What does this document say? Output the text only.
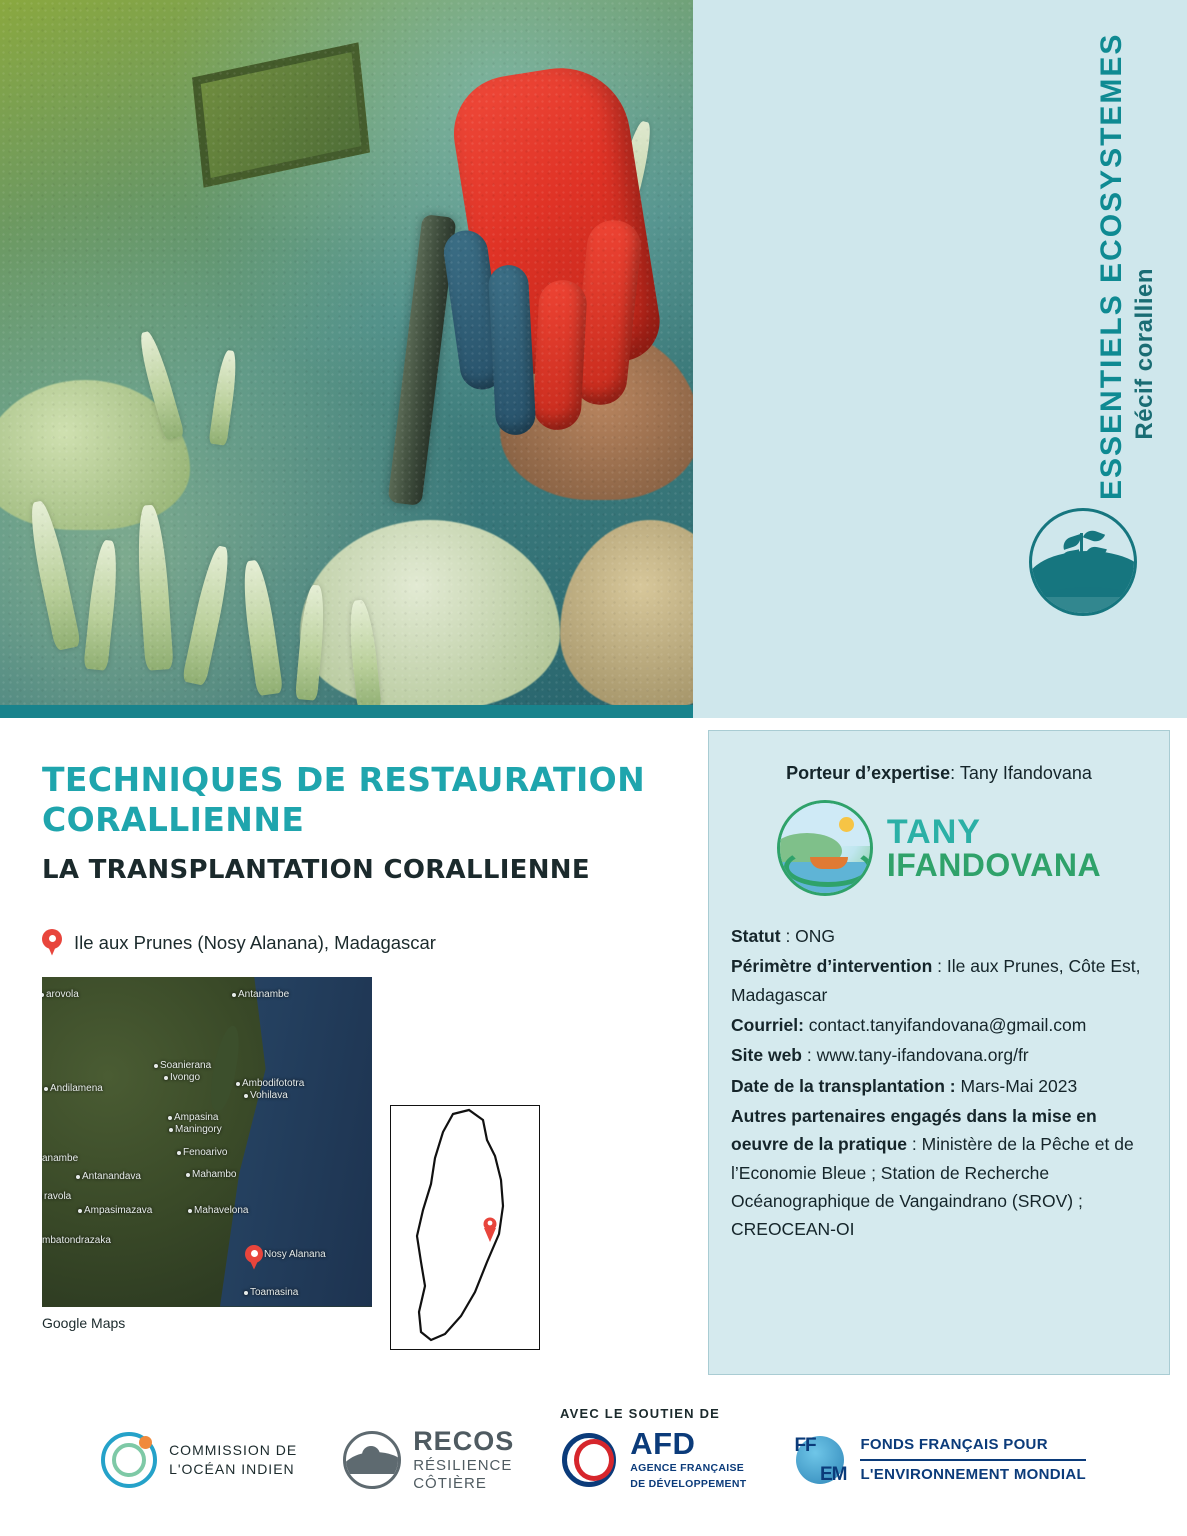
ESSENTIELS ECOSYSTEMES Récif corallien
TECHNIQUES DE RESTAURATION CORALLIENNE
LA TRANSPLANTATION CORALLIENNE
Ile aux Prunes (Nosy Alanana), Madagascar
arovola	Antanambe
Soanierana
Ivongo
Ambodifototra
Vohilava
Andilamena
Ampasina
Maningory
Fenoarivo
anambe
Antanandava	Mahambo
ravola
Ampasimazava	Mahavelona
mbatondrazaka
Nosy Alanana
Toamasina
Google Maps
Porteur d’expertise: Tany Ifandovana
TANY
IFANDOVANA

Statut : ONG

Périmètre d’intervention : Ile aux Prunes, Côte Est, Madagascar

Courriel: contact.tanyifandovana@gmail.com

Site web : www.tany-ifandovana.org/fr

Date de la transplantation : Mars-Mai 2023

Autres partenaires engagés dans la mise en oeuvre de la pratique : Ministère de la Pêche et de l’Economie Bleue ; Station de Recherche Océanographique de Vangaindrano (SROV) ; CREOCEAN-OI

AVEC LE SOUTIEN DE
COMMISSION DE
L'OCÉAN INDIEN
RECOS
RÉSILIENCE
CÔTIÈRE
AFD
AGENCE FRANÇAISE
DE DÉVELOPPEMENT
FF
EM
FONDS FRANÇAIS POUR
L'ENVIRONNEMENT MONDIAL
